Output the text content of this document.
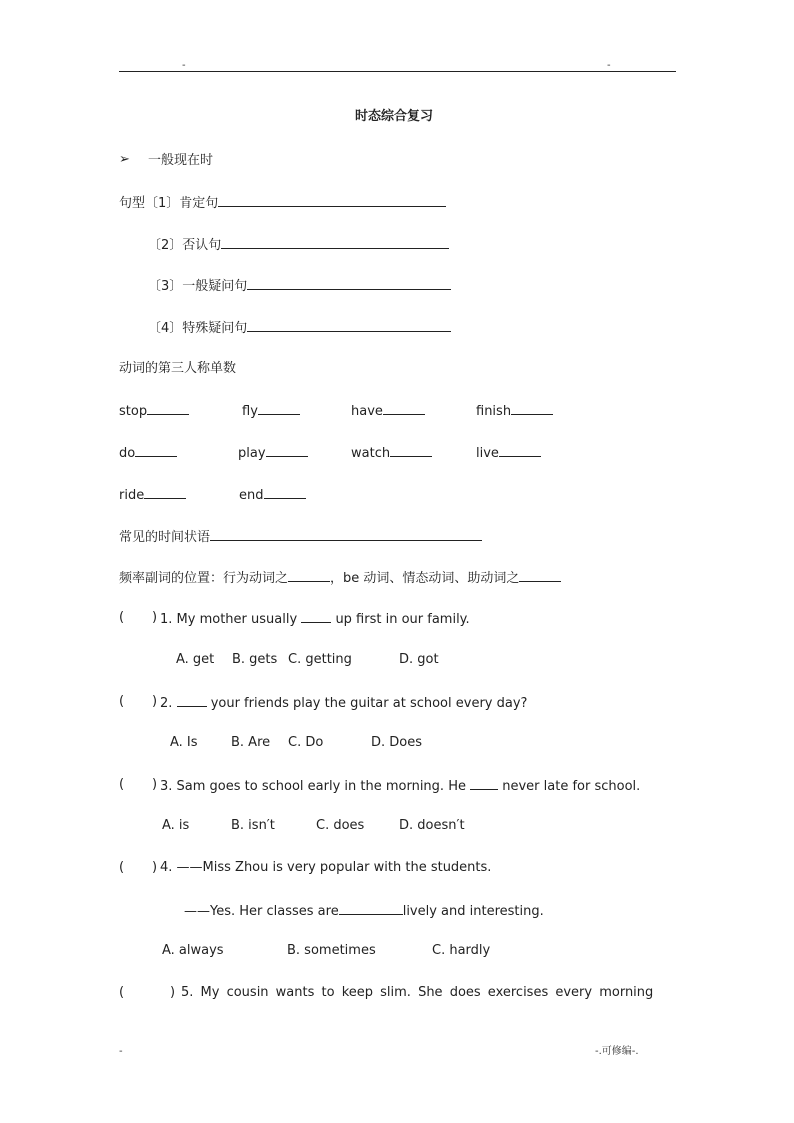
-	-
时态综合复习
➢ 一般现在时
句型〔1〕肯定句
〔2〕否认句
〔3〕一般疑问句
〔4〕特殊疑问句
动词的第三人称单数
stop	fly	have	finish
do	play	watch	live
ride	end
常见的时间状语
频率副词的位置：行为动词之	，be 动词、情态动词、助动词之
( ) 1. My mother usually	up first in our family.
A. get B. gets C. getting	D. got
( ) 2.	your friends play the guitar at school every day?
A. Is	B. Are C. Do	D. Does
( ) 3. Sam goes to school early in the morning. He	never late for school.
A. is	B. isn′t	C. does	D. doesn′t
( ) 4. ——Miss Zhou is very popular with the students.
——Yes. Her classes are	lively and interesting.
A. always	B. sometimes	C. hardly
(	) 5. My cousin wants to keep slim. She does exercises every morning
-	-.可修编-.
